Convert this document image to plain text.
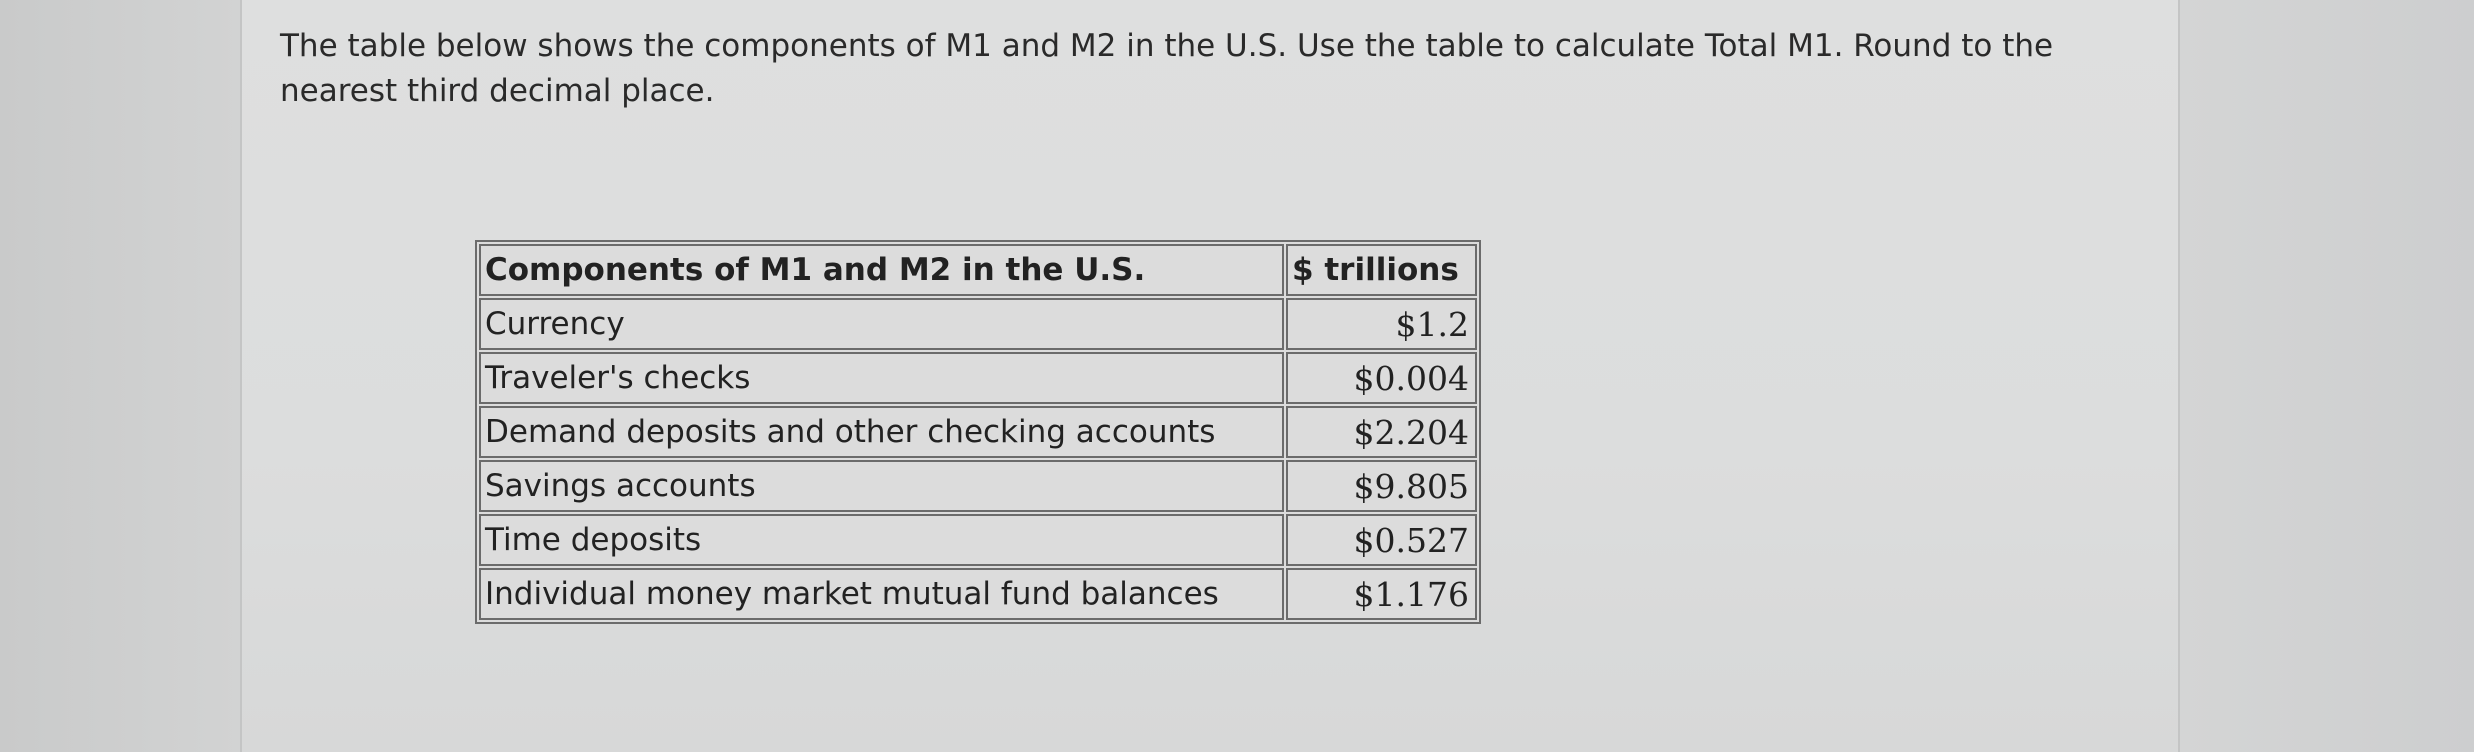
The table below shows the components of M1 and M2 in the U.S. Use the table to calculate Total M1. Round to the nearest third decimal place.

Components of M1 and M2 in the U.S.	$ trillions
Currency	$1.2
Traveler's checks	$0.004
Demand deposits and other checking accounts	$2.204
Savings accounts	$9.805
Time deposits	$0.527
Individual money market mutual fund balances	$1.176
